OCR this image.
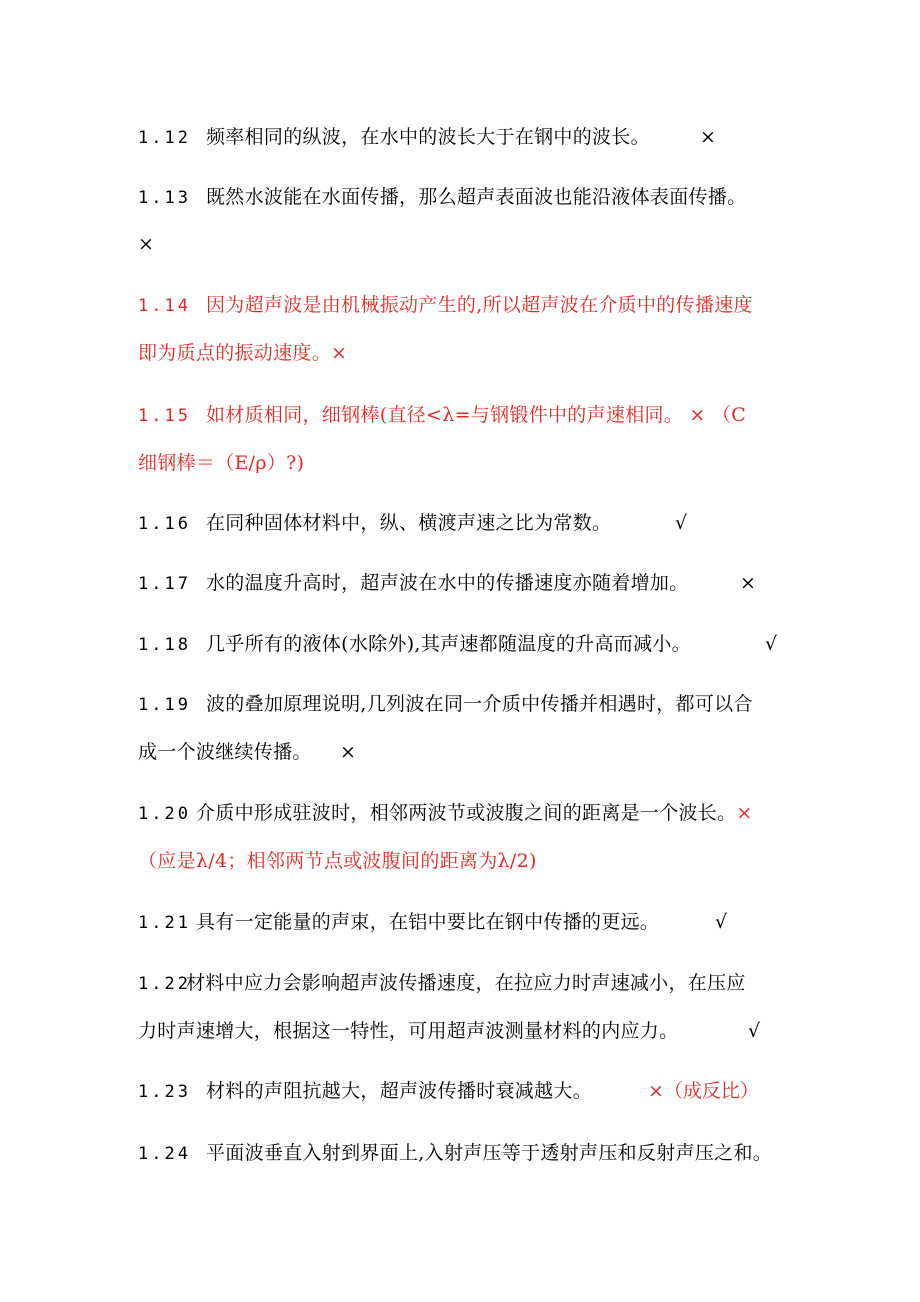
1.12 频率相同的纵波，在水中的波长大于在钢中的波长。	×
1.13 既然水波能在水面传播，那么超声表面波也能沿液体表面传播。
×
1.14 因为超声波是由机械振动产生的,所以超声波在介质中的传播速度
即为质点的振动速度。×
1.15 如材质相同，细钢棒(直径<λ=与钢锻件中的声速相同。 × （C
细钢棒＝（E/ρ）?)
1.16 在同种固体材料中，纵、横渡声速之比为常数。	√
1.17 水的温度升高时，超声波在水中的传播速度亦随着增加。	×
1.18 几乎所有的液体(水除外),其声速都随温度的升高而减小。	√
1.19 波的叠加原理说明,几列波在同一介质中传播并相遇时，都可以合
成一个波继续传播。 ×
1.20 介质中形成驻波时，相邻两波节或波腹之间的距离是一个波长。×
（应是λ/4；相邻两节点或波腹间的距离为λ/2)
1.21 具有一定能量的声束，在铝中要比在钢中传播的更远。	√
1.22材料中应力会影响超声波传播速度，在拉应力时声速减小，在压应
力时声速增大，根据这一特性，可用超声波测量材料的内应力。	√
1.23 材料的声阻抗越大，超声波传播时衰减越大。	×（成反比）
1.24 平面波垂直入射到界面上,入射声压等于透射声压和反射声压之和。
